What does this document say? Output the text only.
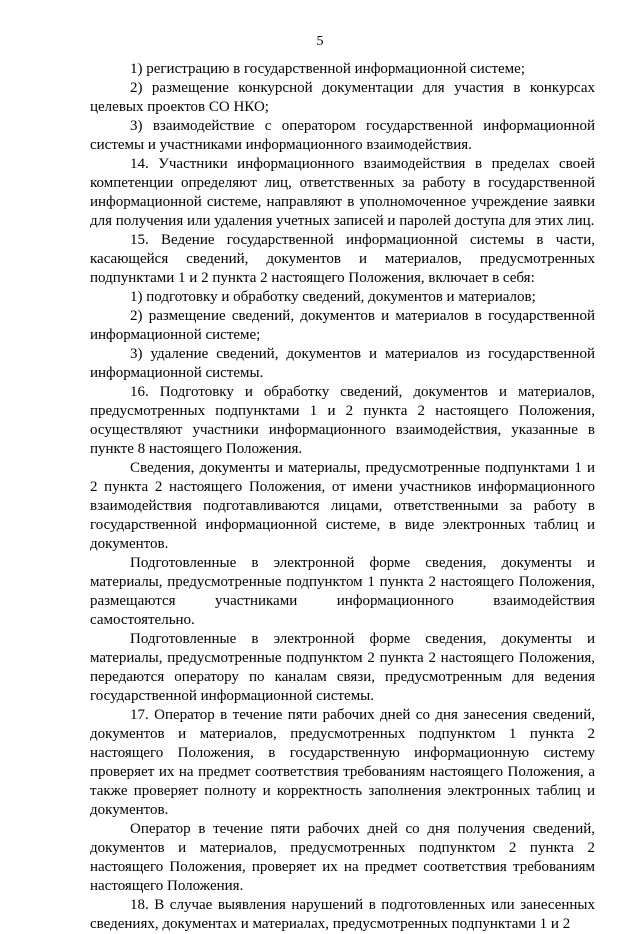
5

1) регистрацию в государственной информационной системе;

2) размещение конкурсной документации для участия в конкурсах целевых проектов СО НКО;

3) взаимодействие с оператором государственной информационной системы и участниками информационного взаимодействия.

14. Участники информационного взаимодействия в пределах своей компетенции определяют лиц, ответственных за работу в государственной информационной системе, направляют в уполномоченное учреждение заявки для получения или удаления учетных записей и паролей доступа для этих лиц.

15. Ведение государственной информационной системы в части, касающейся сведений, документов и материалов, предусмотренных подпунктами 1 и 2 пункта 2 настоящего Положения, включает в себя:

1) подготовку и обработку сведений, документов и материалов;

2) размещение сведений, документов и материалов в государственной информационной системе;

3) удаление сведений, документов и материалов из государственной информационной системы.

16. Подготовку и обработку сведений, документов и материалов, предусмотренных подпунктами 1 и 2 пункта 2 настоящего Положения, осуществляют участники информационного взаимодействия, указанные в пункте 8 настоящего Положения.

Сведения, документы и материалы, предусмотренные подпунктами 1 и 2 пункта 2 настоящего Положения, от имени участников информационного взаимодействия подготавливаются лицами, ответственными за работу в государственной информационной системе, в виде электронных таблиц и документов.

Подготовленные в электронной форме сведения, документы и материалы, предусмотренные подпунктом 1 пункта 2 настоящего Положения, размещаются участниками информационного взаимодействия самостоятельно.

Подготовленные в электронной форме сведения, документы и материалы, предусмотренные подпунктом 2 пункта 2 настоящего Положения, передаются оператору по каналам связи, предусмотренным для ведения государственной информационной системы.

17. Оператор в течение пяти рабочих дней со дня занесения сведений, документов и материалов, предусмотренных подпунктом 1 пункта 2 настоящего Положения, в государственную информационную систему проверяет их на предмет соответствия требованиям настоящего Положения, а также проверяет полноту и корректность заполнения электронных таблиц и документов.

Оператор в течение пяти рабочих дней со дня получения сведений, документов и материалов, предусмотренных подпунктом 2 пункта 2 настоящего Положения, проверяет их на предмет соответствия требованиям настоящего Положения.

18. В случае выявления нарушений в подготовленных или занесенных сведениях, документах и материалах, предусмотренных подпунктами 1 и 2
